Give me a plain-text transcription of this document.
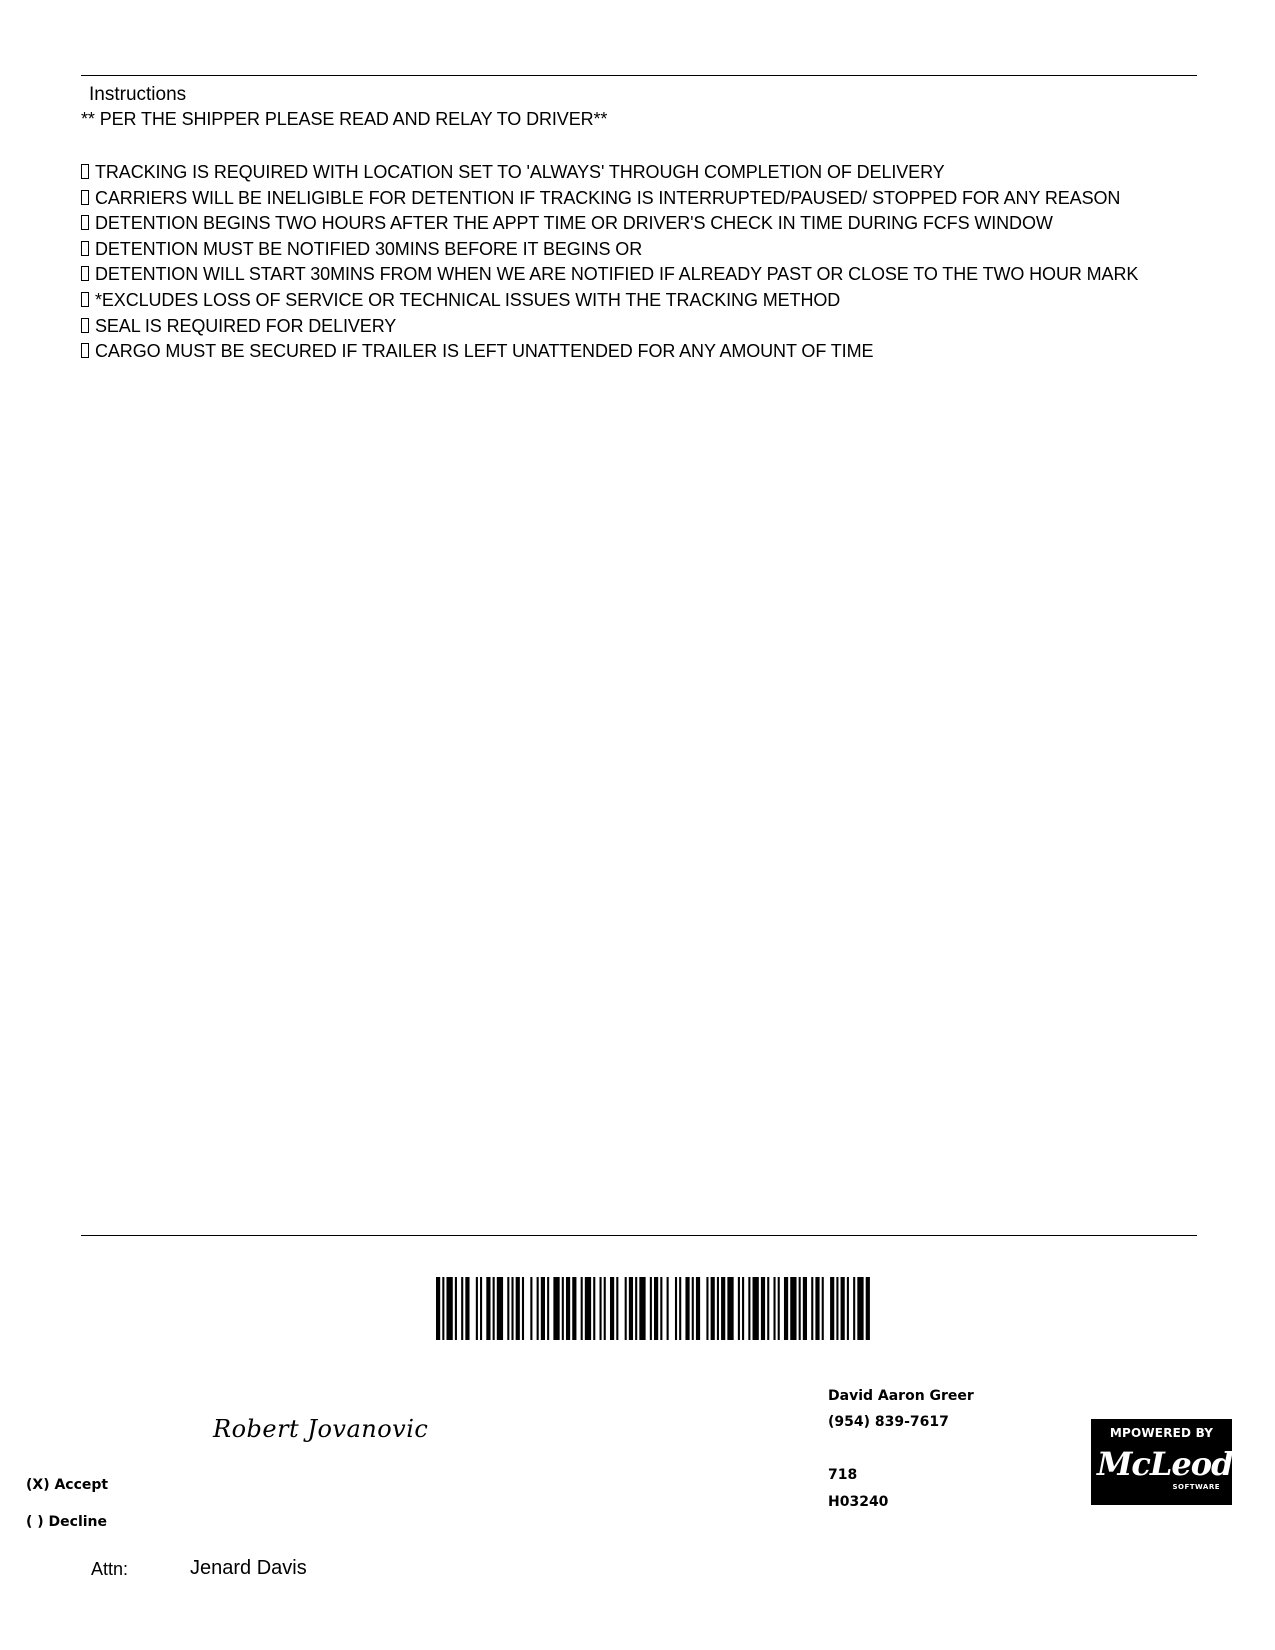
Instructions
** PER THE SHIPPER PLEASE READ AND RELAY TO DRIVER**
TRACKING IS REQUIRED WITH LOCATION SET TO 'ALWAYS' THROUGH COMPLETION OF DELIVERY
CARRIERS WILL BE INELIGIBLE FOR DETENTION IF TRACKING IS INTERRUPTED/PAUSED/ STOPPED FOR ANY REASON
DETENTION BEGINS TWO HOURS AFTER THE APPT TIME OR DRIVER'S CHECK IN TIME DURING FCFS WINDOW
DETENTION MUST BE NOTIFIED 30MINS BEFORE IT BEGINS OR
DETENTION WILL START 30MINS FROM WHEN WE ARE NOTIFIED IF ALREADY PAST OR CLOSE TO THE TWO HOUR MARK
*EXCLUDES LOSS OF SERVICE OR TECHNICAL ISSUES WITH THE TRACKING METHOD
SEAL IS REQUIRED FOR DELIVERY
CARGO MUST BE SECURED IF TRAILER IS LEFT UNATTENDED FOR ANY AMOUNT OF TIME
Robert Jovanovic
(X) Accept
( ) Decline
David Aaron Greer
(954) 839-7617
718
H03240
MPOWERED BY
McLeod
SOFTWARE
Attn:	Jenard Davis
